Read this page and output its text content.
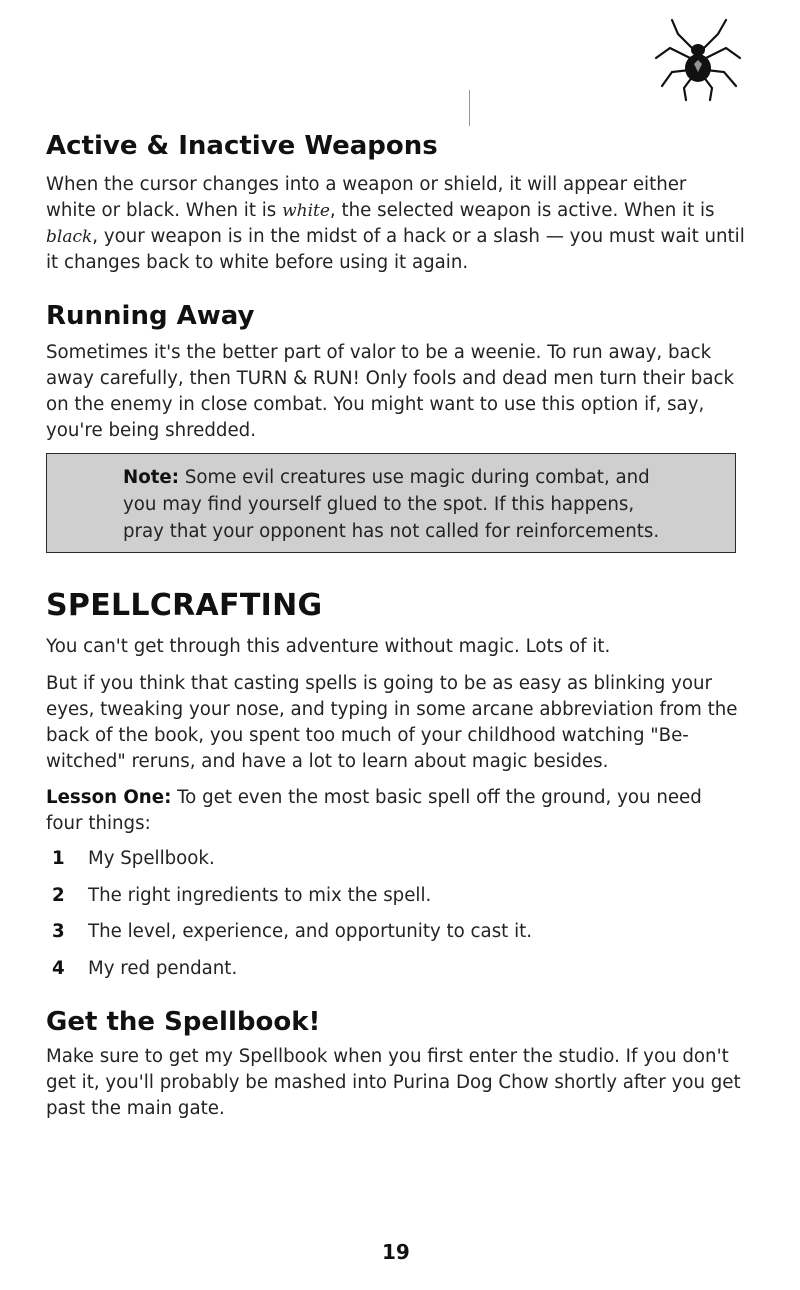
Active & Inactive Weapons
When the cursor changes into a weapon or shield, it will appear either
white or black. When it is white, the selected weapon is active. When it is
black, your weapon is in the midst of a hack or a slash — you must wait until
it changes back to white before using it again.
Running Away
Sometimes it's the better part of valor to be a weenie. To run away, back
away carefully, then TURN & RUN! Only fools and dead men turn their back
on the enemy in close combat. You might want to use this option if, say,
you're being shredded.
Note: Some evil creatures use magic during combat, and
you may find yourself glued to the spot. If this happens,
pray that your opponent has not called for reinforcements.
SPELLCRAFTING
You can't get through this adventure without magic. Lots of it.
But if you think that casting spells is going to be as easy as blinking your
eyes, tweaking your nose, and typing in some arcane abbreviation from the
back of the book, you spent too much of your childhood watching "Be-
witched" reruns, and have a lot to learn about magic besides.
Lesson One: To get even the most basic spell off the ground, you need
four things:
1 My Spellbook.
2 The right ingredients to mix the spell.
3 The level, experience, and opportunity to cast it.
4 My red pendant.
Get the Spellbook!
Make sure to get my Spellbook when you first enter the studio. If you don't
get it, you'll probably be mashed into Purina Dog Chow shortly after you get
past the main gate.
19
